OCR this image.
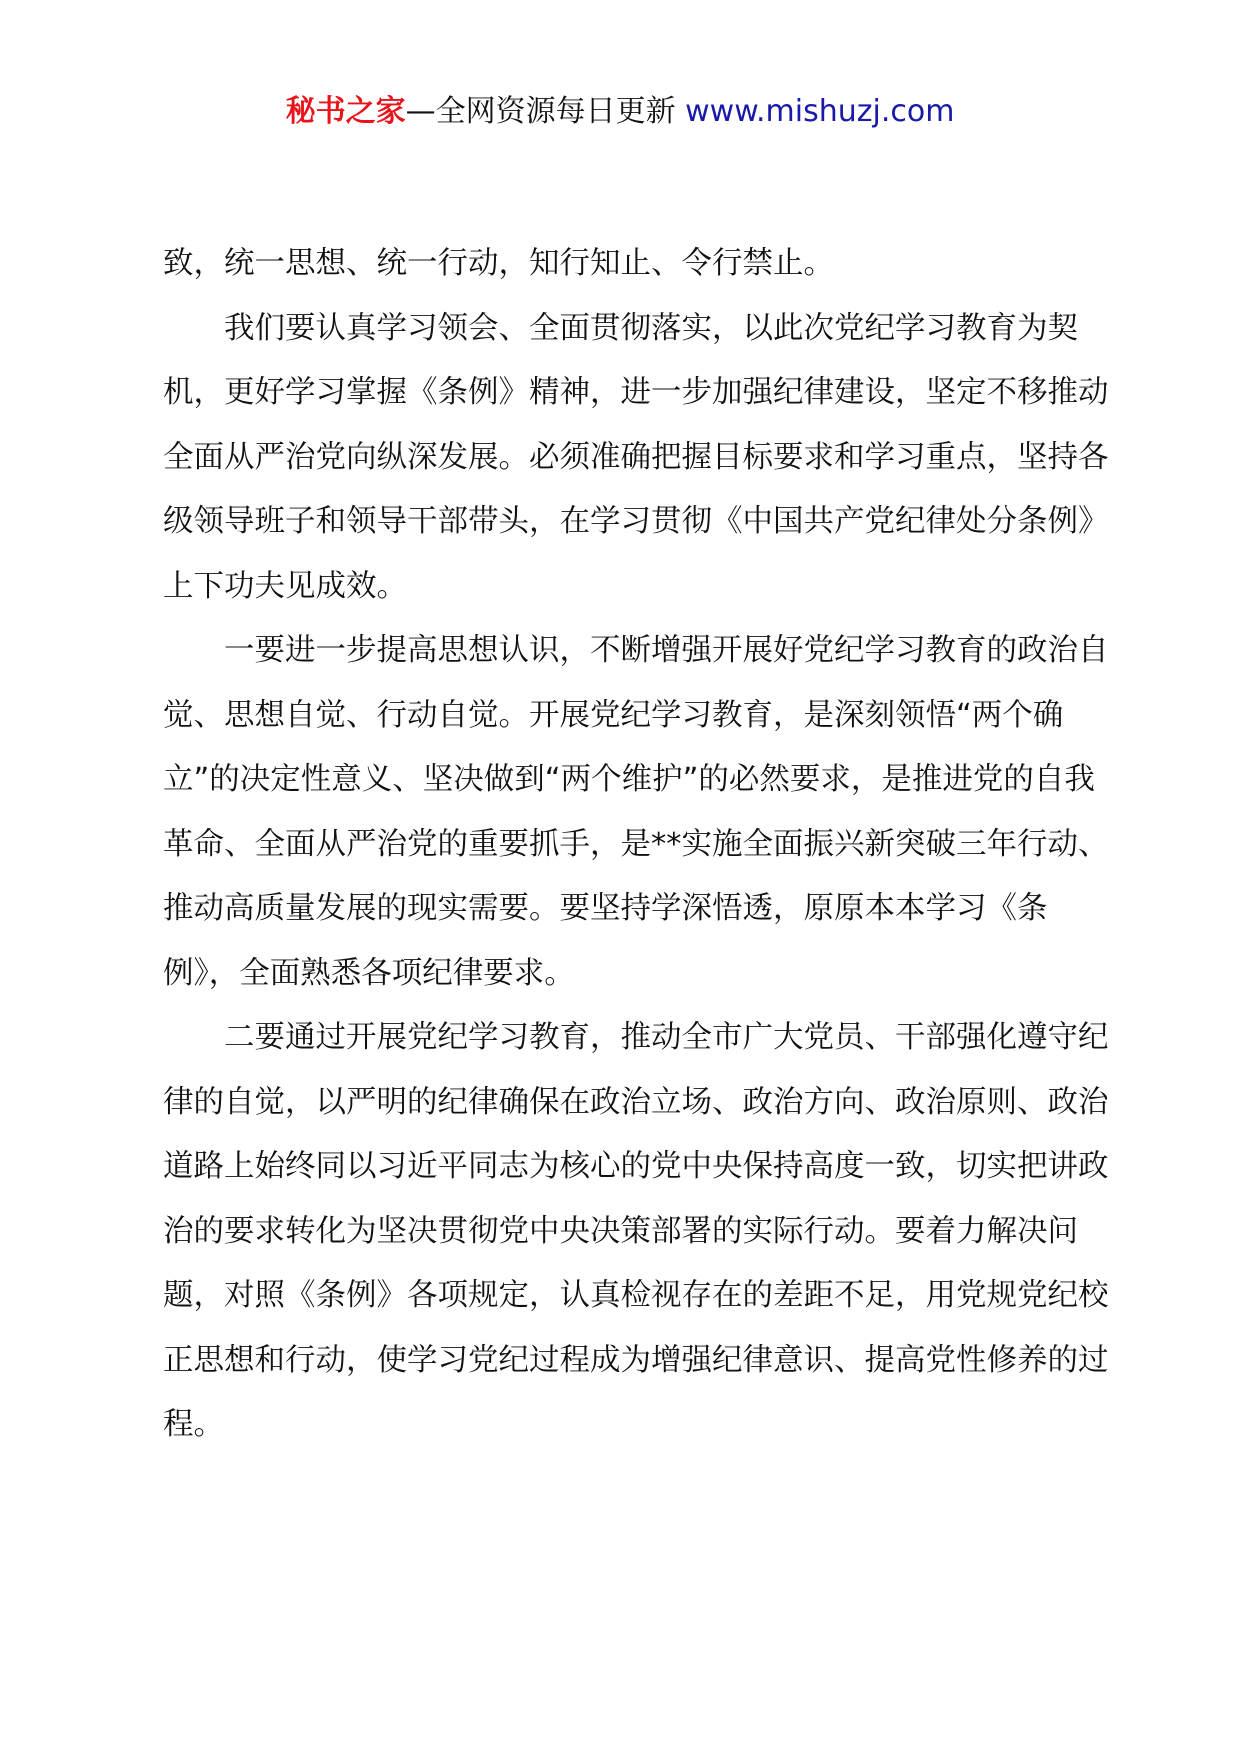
秘书之家—全网资源每日更新 www.mishuzj.com

致，统一思想、统一行动，知行知止、令行禁止。

我们要认真学习领会、全面贯彻落实，以此次党纪学习教育为契机，更好学习掌握《条例》精神，进一步加强纪律建设，坚定不移推动全面从严治党向纵深发展。必须准确把握目标要求和学习重点，坚持各级领导班子和领导干部带头，在学习贯彻《中国共产党纪律处分条例》上下功夫见成效。

一要进一步提高思想认识，不断增强开展好党纪学习教育的政治自觉、思想自觉、行动自觉。开展党纪学习教育，是深刻领悟“两个确立”的决定性意义、坚决做到“两个维护”的必然要求，是推进党的自我革命、全面从严治党的重要抓手，是**实施全面振兴新突破三年行动、推动高质量发展的现实需要。要坚持学深悟透，原原本本学习《条例》，全面熟悉各项纪律要求。

二要通过开展党纪学习教育，推动全市广大党员、干部强化遵守纪律的自觉，以严明的纪律确保在政治立场、政治方向、政治原则、政治道路上始终同以习近平同志为核心的党中央保持高度一致，切实把讲政治的要求转化为坚决贯彻党中央决策部署的实际行动。要着力解决问题，对照《条例》各项规定，认真检视存在的差距不足，用党规党纪校正思想和行动，使学习党纪过程成为增强纪律意识、提高党性修养的过程。
